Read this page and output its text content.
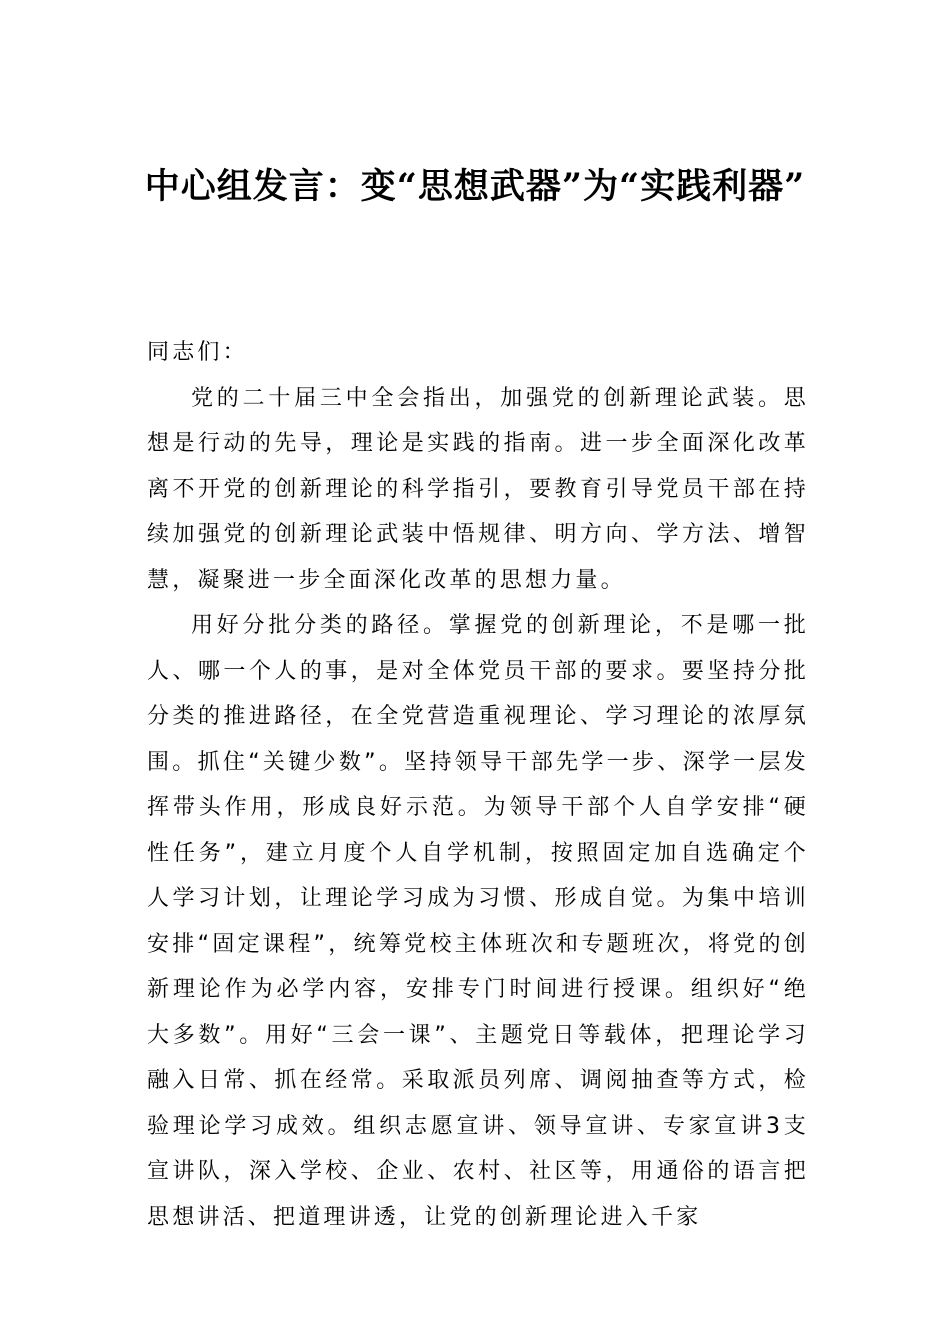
中心组发言：变“思想武器”为“实践利器”

同志们：

党的二十届三中全会指出，加强党的创新理论武装。思想是行动的先导，理论是实践的指南。进一步全面深化改革离不开党的创新理论的科学指引，要教育引导党员干部在持续加强党的创新理论武装中悟规律、明方向、学方法、增智慧，凝聚进一步全面深化改革的思想力量。

用好分批分类的路径。掌握党的创新理论，不是哪一批人、哪一个人的事，是对全体党员干部的要求。要坚持分批分类的推进路径，在全党营造重视理论、学习理论的浓厚氛围。抓住“关键少数”。坚持领导干部先学一步、深学一层发挥带头作用，形成良好示范。为领导干部个人自学安排“硬性任务”，建立月度个人自学机制，按照固定加自选确定个人学习计划，让理论学习成为习惯、形成自觉。为集中培训安排“固定课程”，统筹党校主体班次和专题班次，将党的创新理论作为必学内容，安排专门时间进行授课。组织好“绝大多数”。用好“三会一课”、主题党日等载体，把理论学习融入日常、抓在经常。采取派员列席、调阅抽查等方式，检验理论学习成效。组织志愿宣讲、领导宣讲、专家宣讲3支宣讲队，深入学校、企业、农村、社区等，用通俗的语言把思想讲活、把道理讲透，让党的创新理论进入千家
